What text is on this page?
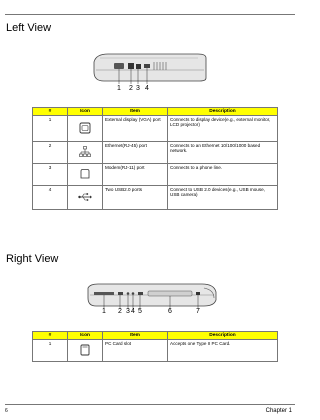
Left View
1 2 3 4
#	Icon	Item	Description
1		External display (VGA) port	Connects to display device(e.g., external monitor, LCD projector)
2		Ethernet(RJ-45) port	Connects to an Ethernet 10/100/1000 based network.
3		Modem(RJ-11) port	Connects to a phone line.
4		Two USB2.0 ports	Connect to USB 2.0 devices(e.g., USB mouse, USB camera)
Right View
1 2 3 4 5	6	7
#	Icon	Item	Description
1		PC Card slot	Accepts one Type II PC Card.
6	Chapter 1
